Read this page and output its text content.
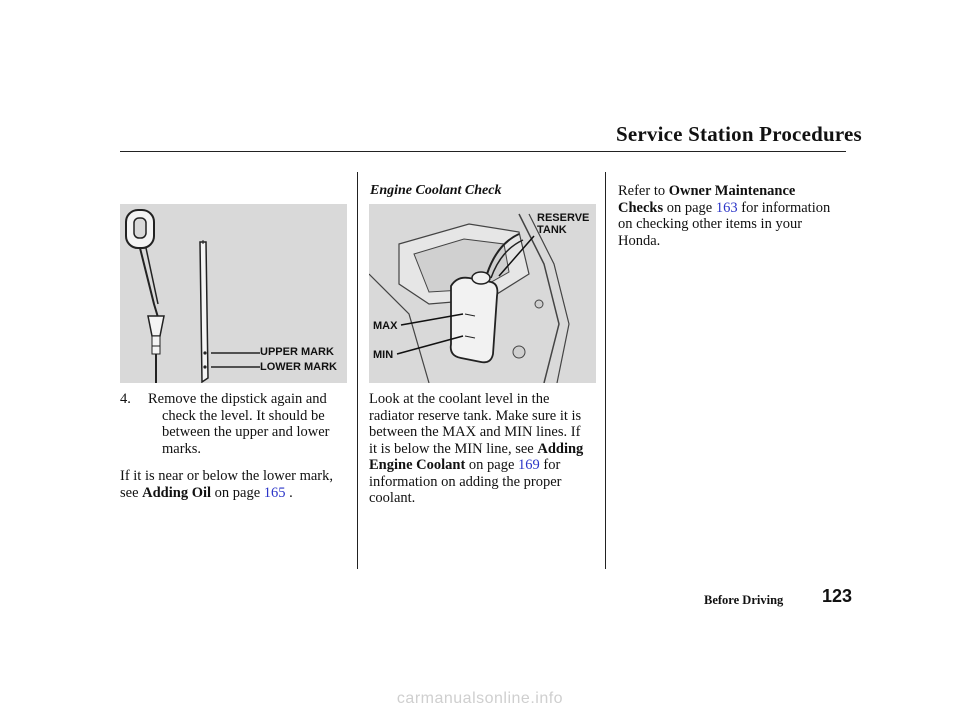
Service Station Procedures
UPPER MARK
LOWER MARK
4. Remove the dipstick again and
check the level. It should be
between the upper and lower
marks.
If it is near or below the lower mark,
see Adding Oil on page 165 .
Engine Coolant Check
RESERVE
TANK
MAX
MIN
Look at the coolant level in the
radiator reserve tank. Make sure it is
between the MAX and MIN lines. If
it is below the MIN line, see Adding
Engine Coolant on page 169 for
information on adding the proper
coolant.
Refer to Owner Maintenance
Checks on page 163 for information
on checking other items in your
Honda.
Before Driving 123
carmanualsonline.info
